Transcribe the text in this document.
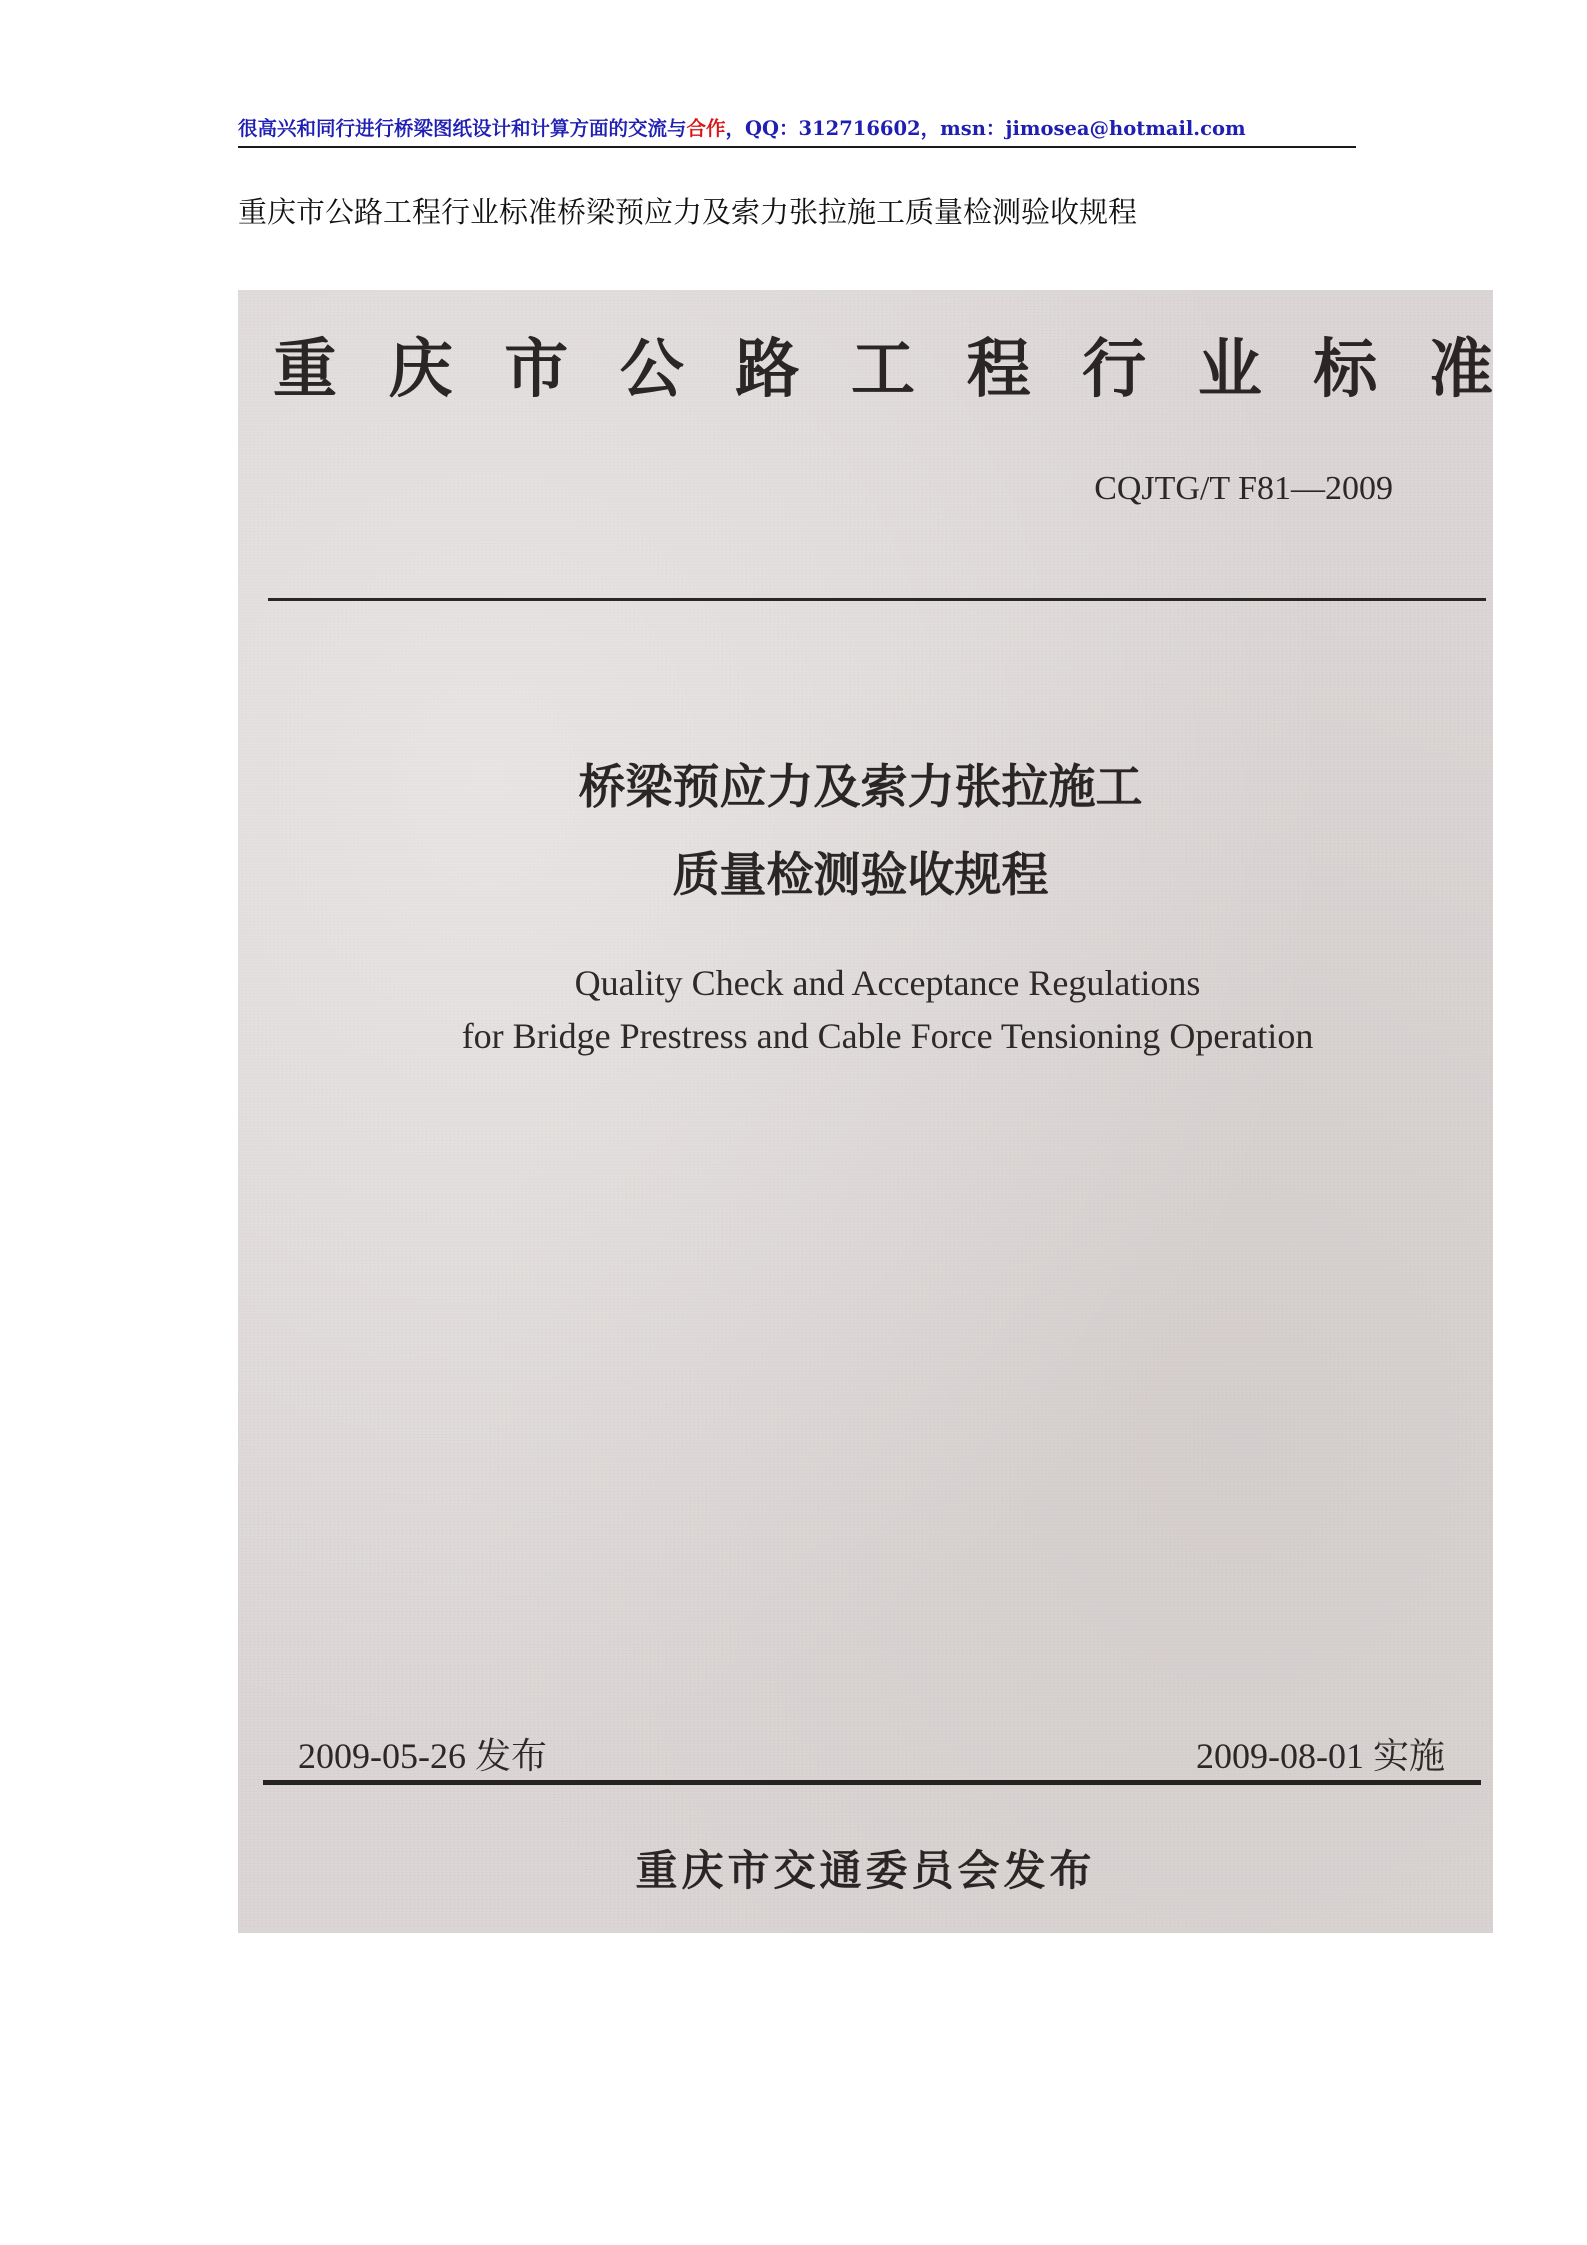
很高兴和同行进行桥梁图纸设计和计算方面的交流与合作，QQ：312716602，msn：jimosea@hotmail.com
重庆市公路工程行业标准桥梁预应力及索力张拉施工质量检测验收规程
重 庆 市 公 路 工 程 行 业 标 准
CQJTG/T F81—2009
桥梁预应力及索力张拉施工
质量检测验收规程
Quality Check and Acceptance Regulations
for Bridge Prestress and Cable Force Tensioning Operation
2009-05-26 发布	2009-08-01 实施
重庆市交通委员会发布
